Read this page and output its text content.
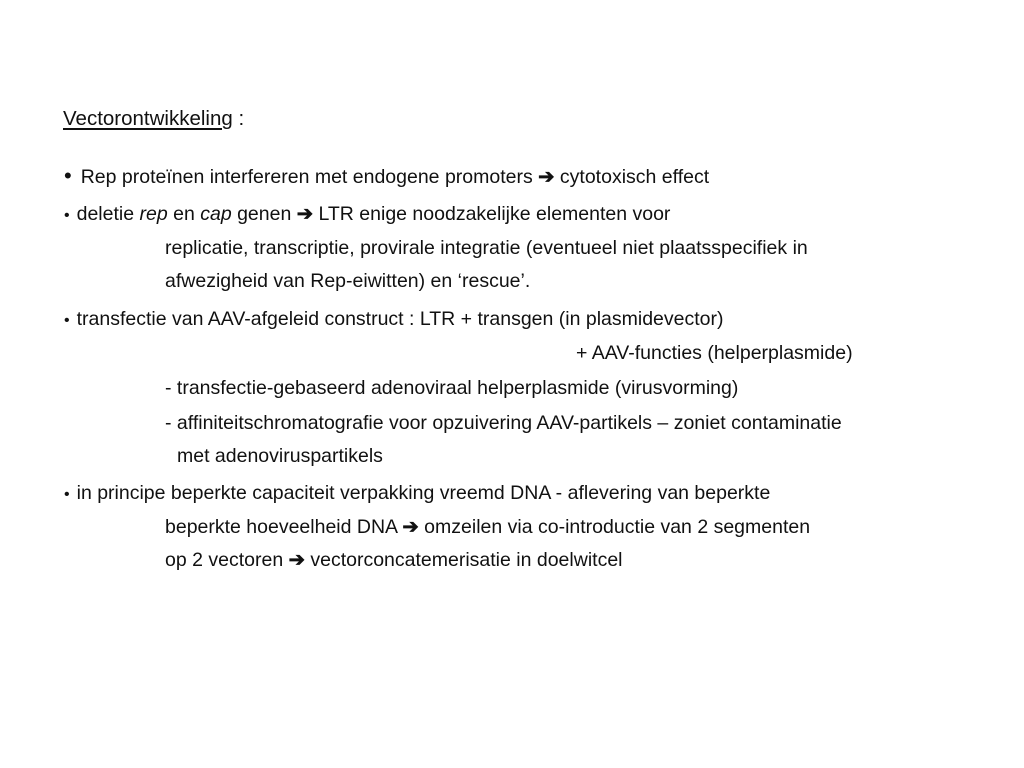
Vectorontwikkeling :
• Rep proteïnen interfereren met endogene promoters ➔ cytotoxisch effect
• deletie rep en cap genen ➔ LTR enige noodzakelijke elementen voor
replicatie, transcriptie, provirale integratie (eventueel niet plaatsspecifiek in
afwezigheid van Rep-eiwitten) en ‘rescue’.
• transfectie van AAV-afgeleid construct : LTR + transgen (in plasmidevector)
+ AAV-functies (helperplasmide)
- transfectie-gebaseerd adenoviraal helperplasmide (virusvorming)
- affiniteitschromatografie voor opzuivering AAV-partikels – zoniet contaminatie
met adenoviruspartikels
• in principe beperkte capaciteit verpakking vreemd DNA - aflevering van beperkte
beperkte hoeveelheid DNA ➔ omzeilen via co-introductie van 2 segmenten
op 2 vectoren ➔ vectorconcatemerisatie in doelwitcel
